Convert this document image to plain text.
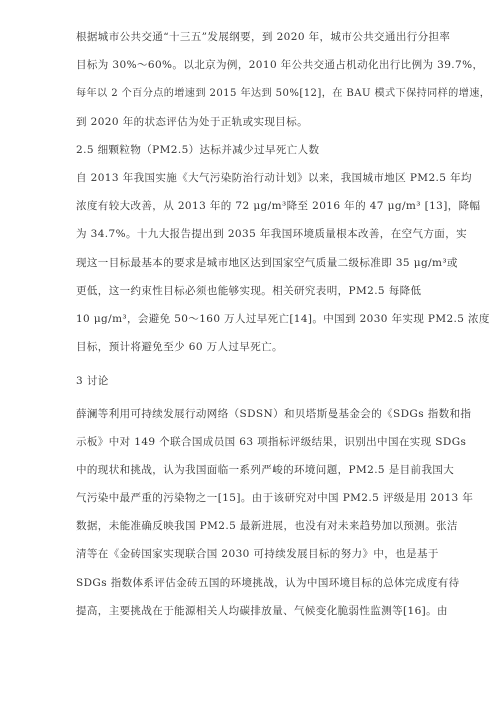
根据城市公共交通“十三五”发展纲要，到 2020 年，城市公共交通出行分担率

目标为 30%～60%。以北京为例，2010 年公共交通占机动化出行比例为 39.7%，

每年以 2 个百分点的增速到 2015 年达到 50%[12]，在 BAU 模式下保持同样的增速，

到 2020 年的状态评估为处于正轨或实现目标。

2.5 细颗粒物（PM2.5）达标并减少过早死亡人数

自 2013 年我国实施《大气污染防治行动计划》以来，我国城市地区 PM2.5 年均

浓度有较大改善，从 2013 年的 72 μg/m³降至 2016 年的 47 μg/m³ [13]，降幅

为 34.7%。十九大报告提出到 2035 年我国环境质量根本改善，在空气方面，实

现这一目标最基本的要求是城市地区达到国家空气质量二级标准即 35 μg/m³或

更低，这一约束性目标必须也能够实现。相关研究表明，PM2.5 每降低

10 μg/m³，会避免 50～160 万人过早死亡[14]。中国到 2030 年实现 PM2.5 浓度

目标，预计将避免至少 60 万人过早死亡。

3 讨论

薛澜等利用可持续发展行动网络（SDSN）和贝塔斯曼基金会的《SDGs 指数和指

示板》中对 149 个联合国成员国 63 项指标评级结果，识别出中国在实现 SDGs

中的现状和挑战，认为我国面临一系列严峻的环境问题，PM2.5 是目前我国大

气污染中最严重的污染物之一[15]。由于该研究对中国 PM2.5 评级是用 2013 年

数据，未能准确反映我国 PM2.5 最新进展，也没有对未来趋势加以预测。张洁

清等在《金砖国家实现联合国 2030 可持续发展目标的努力》中，也是基于

SDGs 指数体系评估金砖五国的环境挑战，认为中国环境目标的总体完成度有待

提高，主要挑战在于能源相关人均碳排放量、气候变化脆弱性监测等[16]。由
